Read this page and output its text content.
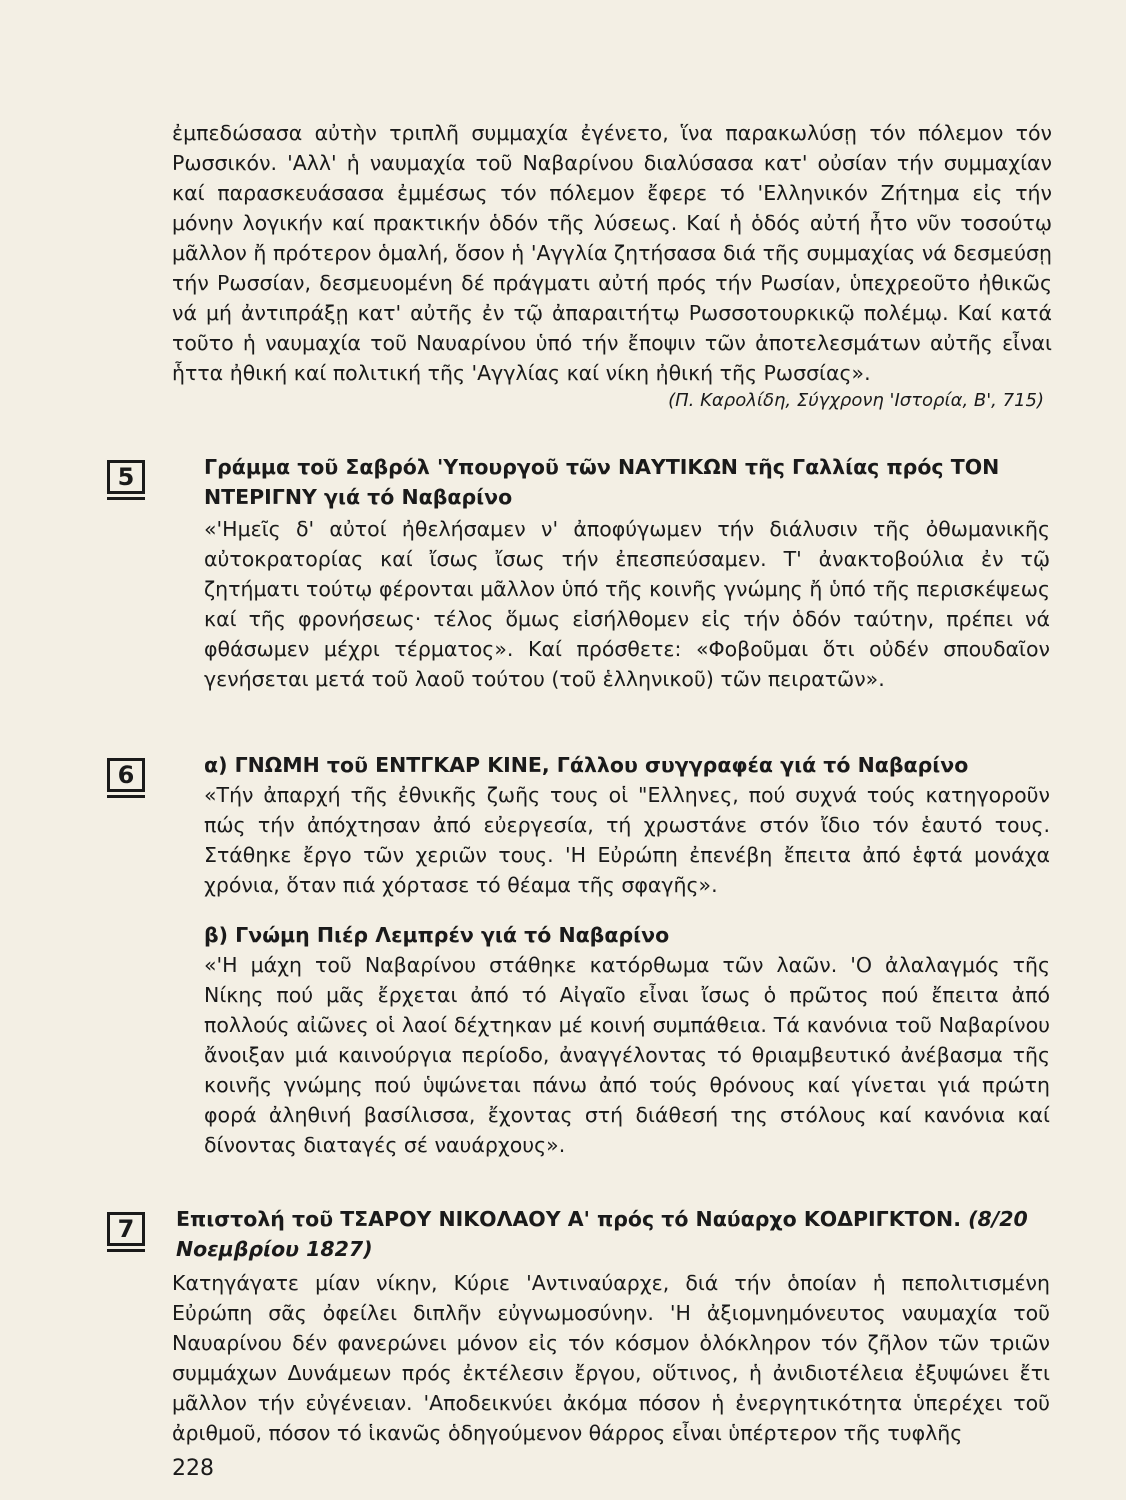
ἐμπεδώσασα αὐτὴν τριπλῆ συμμαχία ἐγένετο, ἵνα παρακωλύσῃ τόν πόλεμον τόν Ρωσσικόν. 'Αλλ' ἡ ναυμαχία τοῦ Ναβαρίνου διαλύσασα κατ' οὐσίαν τήν συμμαχίαν καί παρασκευάσασα ἐμμέσως τόν πόλεμον ἔφερε τό 'Ελληνικόν Ζήτημα εἰς τήν μόνην λογικήν καί πρακτικήν ὁδόν τῆς λύσεως. Καί ἡ ὁδός αὐτή ἦτο νῦν τοσούτῳ μᾶλλον ἤ πρότερον ὁμαλή, ὅσον ἡ 'Αγγλία ζητήσασα διά τῆς συμμαχίας νά δεσμεύσῃ τήν Ρωσσίαν, δεσμευομένη δέ πράγματι αὐτή πρός τήν Ρωσίαν, ὑπεχρεοῦτο ἠθικῶς νά μή ἀντιπράξῃ κατ' αὐτῆς ἐν τῷ ἀπαραιτήτῳ Ρωσσοτουρκικῷ πολέμῳ. Καί κατά τοῦτο ἡ ναυμαχία τοῦ Ναυαρίνου ὑπό τήν ἔποψιν τῶν ἀποτελεσμάτων αὐτῆς εἶναι ἧττα ἠθική καί πολιτική τῆς 'Αγγλίας καί νίκη ἠθική τῆς Ρωσσίας».

(Π. Καρολίδη, Σύγχρονη 'Ιστορία, Β', 715)

5	Γράμμα τοῦ Σαβρόλ 'Υπουργοῦ τῶν ΝΑΥΤΙΚΩΝ τῆς Γαλλίας πρός ΤΟΝ ΝΤΕΡΙΓΝΥ γιά τό Ναβαρίνο

«'Ημεῖς δ' αὐτοί ἠθελήσαμεν ν' ἀποφύγωμεν τήν διάλυσιν τῆς ὀθωμανικῆς αὐτοκρατορίας καί ἴσως ἴσως τήν ἐπεσπεύσαμεν. Τ' ἀνακτοβούλια ἐν τῷ ζητήματι τούτῳ φέρονται μᾶλλον ὑπό τῆς κοινῆς γνώμης ἤ ὑπό τῆς περισκέψεως καί τῆς φρονήσεως· τέλος ὅμως εἰσήλθομεν εἰς τήν ὁδόν ταύτην, πρέπει νά φθάσωμεν μέχρι τέρματος». Καί πρόσθετε: «Φοβοῦμαι ὅτι οὐδέν σπουδαῖον γενήσεται μετά τοῦ λαοῦ τούτου (τοῦ ἑλληνικοῦ) τῶν πειρατῶν».

6	α) ΓΝΩΜΗ τοῦ ΕΝΤΓΚΑΡ ΚΙΝΕ, Γάλλου συγγραφέα γιά τό Ναβαρίνο

«Τήν ἀπαρχή τῆς ἐθνικῆς ζωῆς τους οἱ "Ελληνες, πού συχνά τούς κατηγοροῦν πώς τήν ἀπόχτησαν ἀπό εὐεργεσία, τή χρωστάνε στόν ἴδιο τόν ἑαυτό τους. Στάθηκε ἔργο τῶν χεριῶν τους. 'Η Εὐρώπη ἐπενέβη ἔπειτα ἀπό ἑφτά μονάχα χρόνια, ὅταν πιά χόρτασε τό θέαμα τῆς σφαγῆς».

β) Γνώμη Πιέρ Λεμπρέν γιά τό Ναβαρίνο

«'Η μάχη τοῦ Ναβαρίνου στάθηκε κατόρθωμα τῶν λαῶν. 'Ο ἀλαλαγμός τῆς Νίκης πού μᾶς ἔρχεται ἀπό τό Αἰγαῖο εἶναι ἴσως ὁ πρῶτος πού ἔπειτα ἀπό πολλούς αἰῶνες οἱ λαοί δέχτηκαν μέ κοινή συμπάθεια. Τά κανόνια τοῦ Ναβαρίνου ἄνοιξαν μιά καινούργια περίοδο, ἀναγγέλοντας τό θριαμβευτικό ἀνέβασμα τῆς κοινῆς γνώμης πού ὑψώνεται πάνω ἀπό τούς θρόνους καί γίνεται γιά πρώτη φορά ἀληθινή βασίλισσα, ἔχοντας στή διάθεσή της στόλους καί κανόνια καί δίνοντας διαταγές σέ ναυάρχους».

7	Επιστολή τοῦ ΤΣΑΡΟΥ ΝΙΚΟΛΑΟΥ Α' πρός τό Ναύαρχο ΚΟΔΡΙΓΚΤΟΝ. (8/20 Νοεμβρίου 1827)

Κατηγάγατε μίαν νίκην, Κύριε 'Αντιναύαρχε, διά τήν ὁποίαν ἡ πεπολιτισμένη Εὐρώπη σᾶς ὀφείλει διπλῆν εὐγνωμοσύνην. 'Η ἀξιομνημόνευτος ναυμαχία τοῦ Ναυαρίνου δέν φανερώνει μόνον εἰς τόν κόσμον ὁλόκληρον τόν ζῆλον τῶν τριῶν συμμάχων Δυνάμεων πρός ἐκτέλεσιν ἔργου, οὕτινος, ἡ ἀνιδιοτέλεια ἐξυψώνει ἔτι μᾶλλον τήν εὐγένειαν. 'Αποδεικνύει ἀκόμα πόσον ἡ ἐνεργητικότητα ὑπερέχει τοῦ ἀριθμοῦ, πόσον τό ἱκανῶς ὁδηγούμενον θάρρος εἶναι ὑπέρτερον τῆς τυφλῆς

228
